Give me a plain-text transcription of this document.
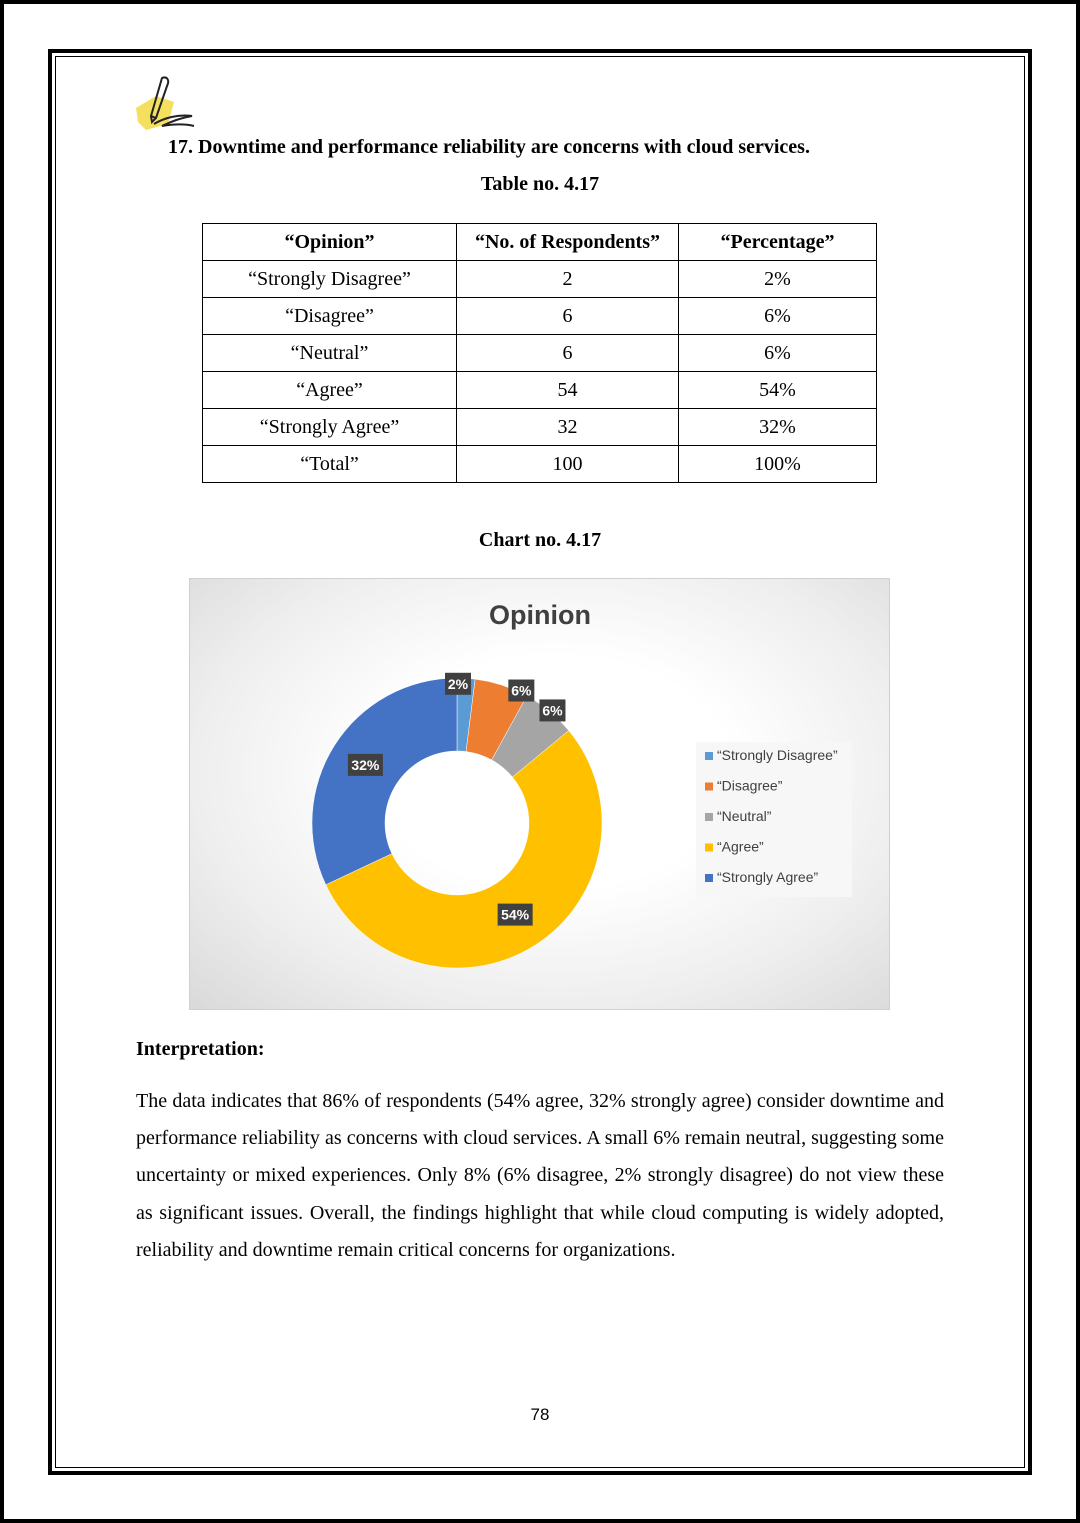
17. Downtime and performance reliability are concerns with cloud services.
Table no. 4.17
“Opinion”	“No. of Respondents”	“Percentage”
“Strongly Disagree”	2	2%
“Disagree”	6	6%
“Neutral”	6	6%
“Agree”	54	54%
“Strongly Agree”	32	32%
“Total”	100	100%
Chart no. 4.17
Opinion
2%	6%
6%
54%
32%
“Strongly Disagree”
“Disagree”
“Neutral”
“Agree”
“Strongly Agree”
Interpretation:
The data indicates that 86% of respondents (54% agree, 32% strongly agree) consider downtime and performance reliability as concerns with cloud services. A small 6% remain neutral, suggesting some uncertainty or mixed experiences. Only 8% (6% disagree, 2% strongly disagree) do not view these as significant issues. Overall, the findings highlight that while cloud computing is widely adopted, reliability and downtime remain critical concerns for organizations.
78
